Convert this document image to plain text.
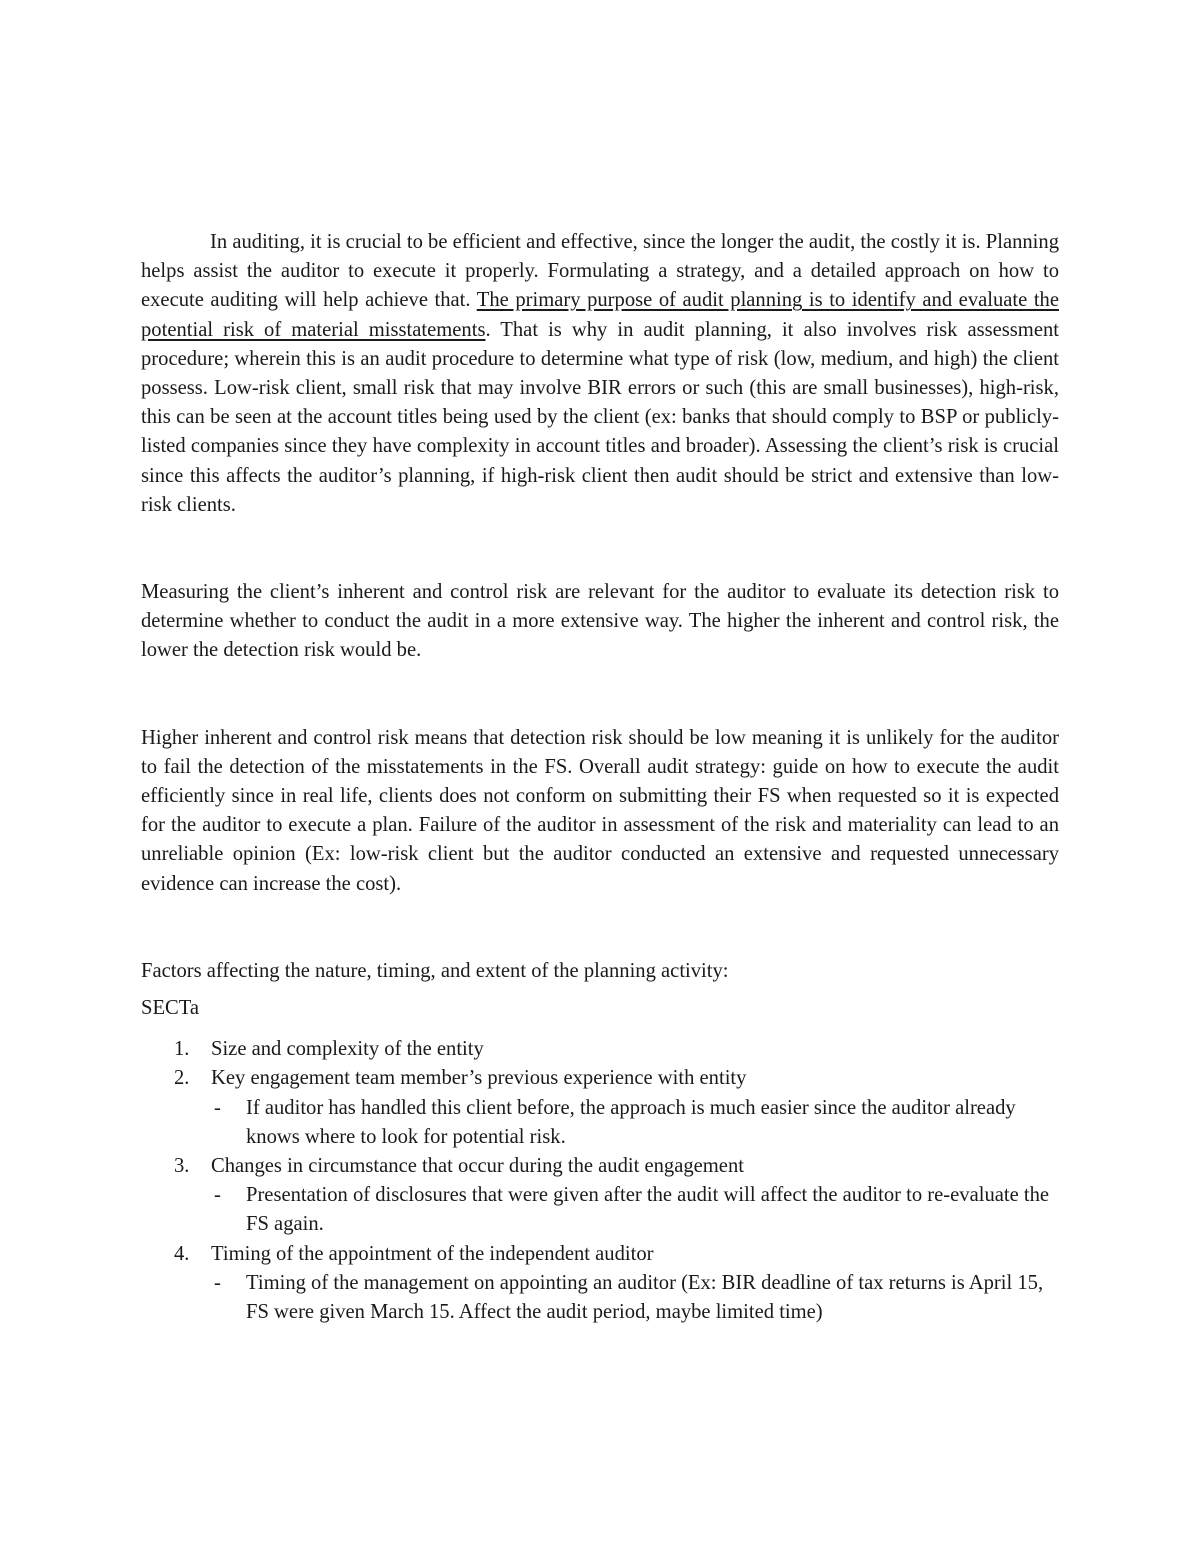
In auditing, it is crucial to be efficient and effective, since the longer the audit, the costly it is. Planning helps assist the auditor to execute it properly. Formulating a strategy, and a detailed approach on how to execute auditing will help achieve that. The primary purpose of audit planning is to identify and evaluate the potential risk of material misstatements. That is why in audit planning, it also involves risk assessment procedure; wherein this is an audit procedure to determine what type of risk (low, medium, and high) the client possess. Low-risk client, small risk that may involve BIR errors or such (this are small businesses), high-risk, this can be seen at the account titles being used by the client (ex: banks that should comply to BSP or publicly-listed companies since they have complexity in account titles and broader). Assessing the client’s risk is crucial since this affects the auditor’s planning, if high-risk client then audit should be strict and extensive than low-risk clients.

Measuring the client’s inherent and control risk are relevant for the auditor to evaluate its detection risk to determine whether to conduct the audit in a more extensive way. The higher the inherent and control risk, the lower the detection risk would be.

Higher inherent and control risk means that detection risk should be low meaning it is unlikely for the auditor to fail the detection of the misstatements in the FS. Overall audit strategy: guide on how to execute the audit efficiently since in real life, clients does not conform on submitting their FS when requested so it is expected for the auditor to execute a plan. Failure of the auditor in assessment of the risk and materiality can lead to an unreliable opinion (Ex: low-risk client but the auditor conducted an extensive and requested unnecessary evidence can increase the cost).

Factors affecting the nature, timing, and extent of the planning activity:

SECTa

1. Size and complexity of the entity
2. Key engagement team member’s previous experience with entity
- If auditor has handled this client before, the approach is much easier since the auditor already knows where to look for potential risk.
3. Changes in circumstance that occur during the audit engagement
- Presentation of disclosures that were given after the audit will affect the auditor to re-evaluate the FS again.
4. Timing of the appointment of the independent auditor
- Timing of the management on appointing an auditor (Ex: BIR deadline of tax returns is April 15, FS were given March 15. Affect the audit period, maybe limited time)
